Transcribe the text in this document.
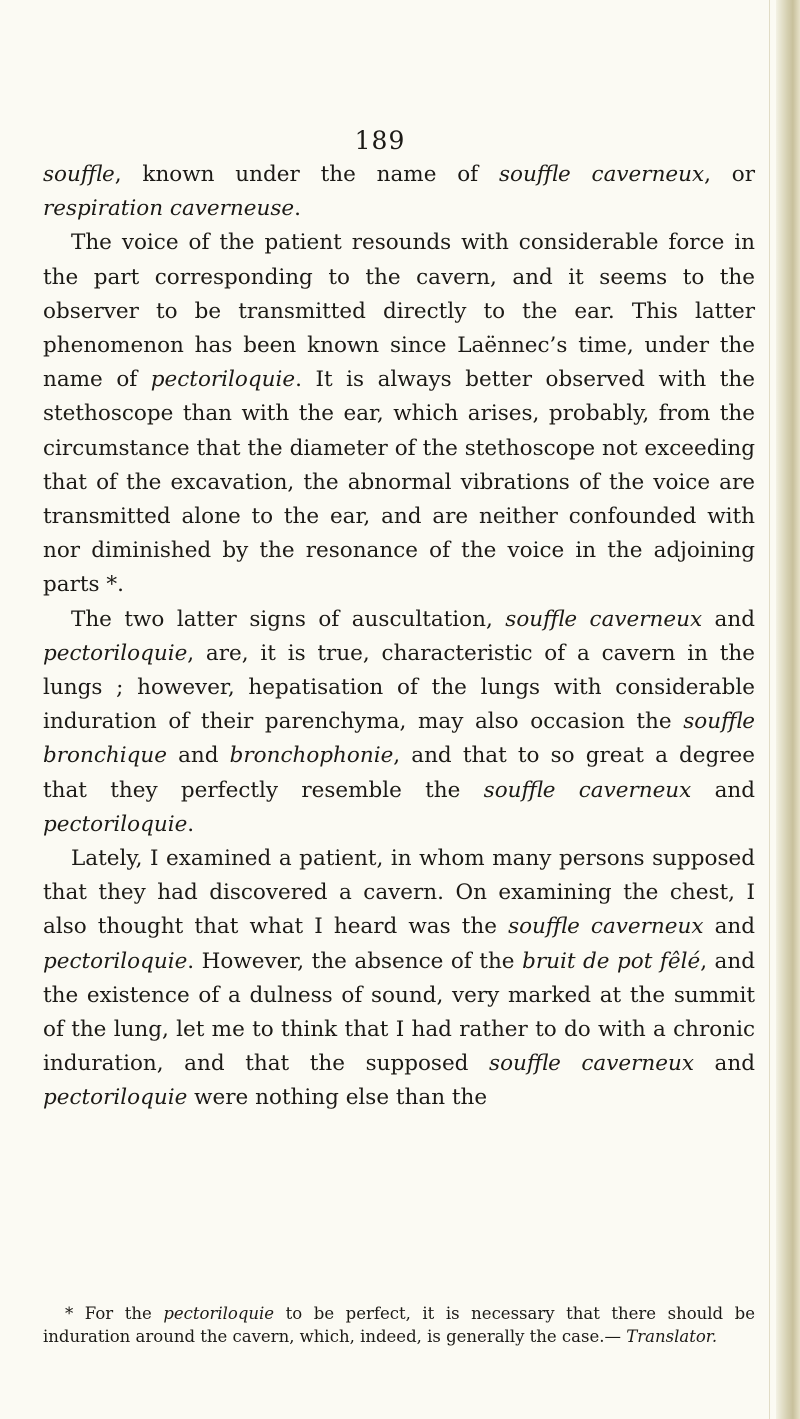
189

souffle, known under the name of souffle caverneux, or respiration caverneuse.

The voice of the patient resounds with considerable force in the part corresponding to the cavern, and it seems to the observer to be transmitted directly to the ear. This latter phenomenon has been known since Laënnec’s time, under the name of pectoriloquie. It is always better observed with the stethoscope than with the ear, which arises, probably, from the circumstance that the diameter of the stethoscope not exceeding that of the excavation, the abnormal vibrations of the voice are transmitted alone to the ear, and are neither confounded with nor diminished by the resonance of the voice in the adjoining parts *.

The two latter signs of auscultation, souffle caverneux and pectoriloquie, are, it is true, characteristic of a cavern in the lungs ; however, hepatisation of the lungs with considerable induration of their parenchyma, may also occasion the souffle bronchique and bronchophonie, and that to so great a degree that they perfectly resemble the souffle caverneux and pectoriloquie.

Lately, I examined a patient, in whom many persons supposed that they had discovered a cavern. On examining the chest, I also thought that what I heard was the souffle caverneux and pectoriloquie. However, the absence of the bruit de pot fêlé, and the existence of a dulness of sound, very marked at the summit of the lung, let me to think that I had rather to do with a chronic induration, and that the supposed souffle caverneux and pectoriloquie were nothing else than the

* For the pectoriloquie to be perfect, it is necessary that there should be induration around the cavern, which, indeed, is generally the case.— Translator.
